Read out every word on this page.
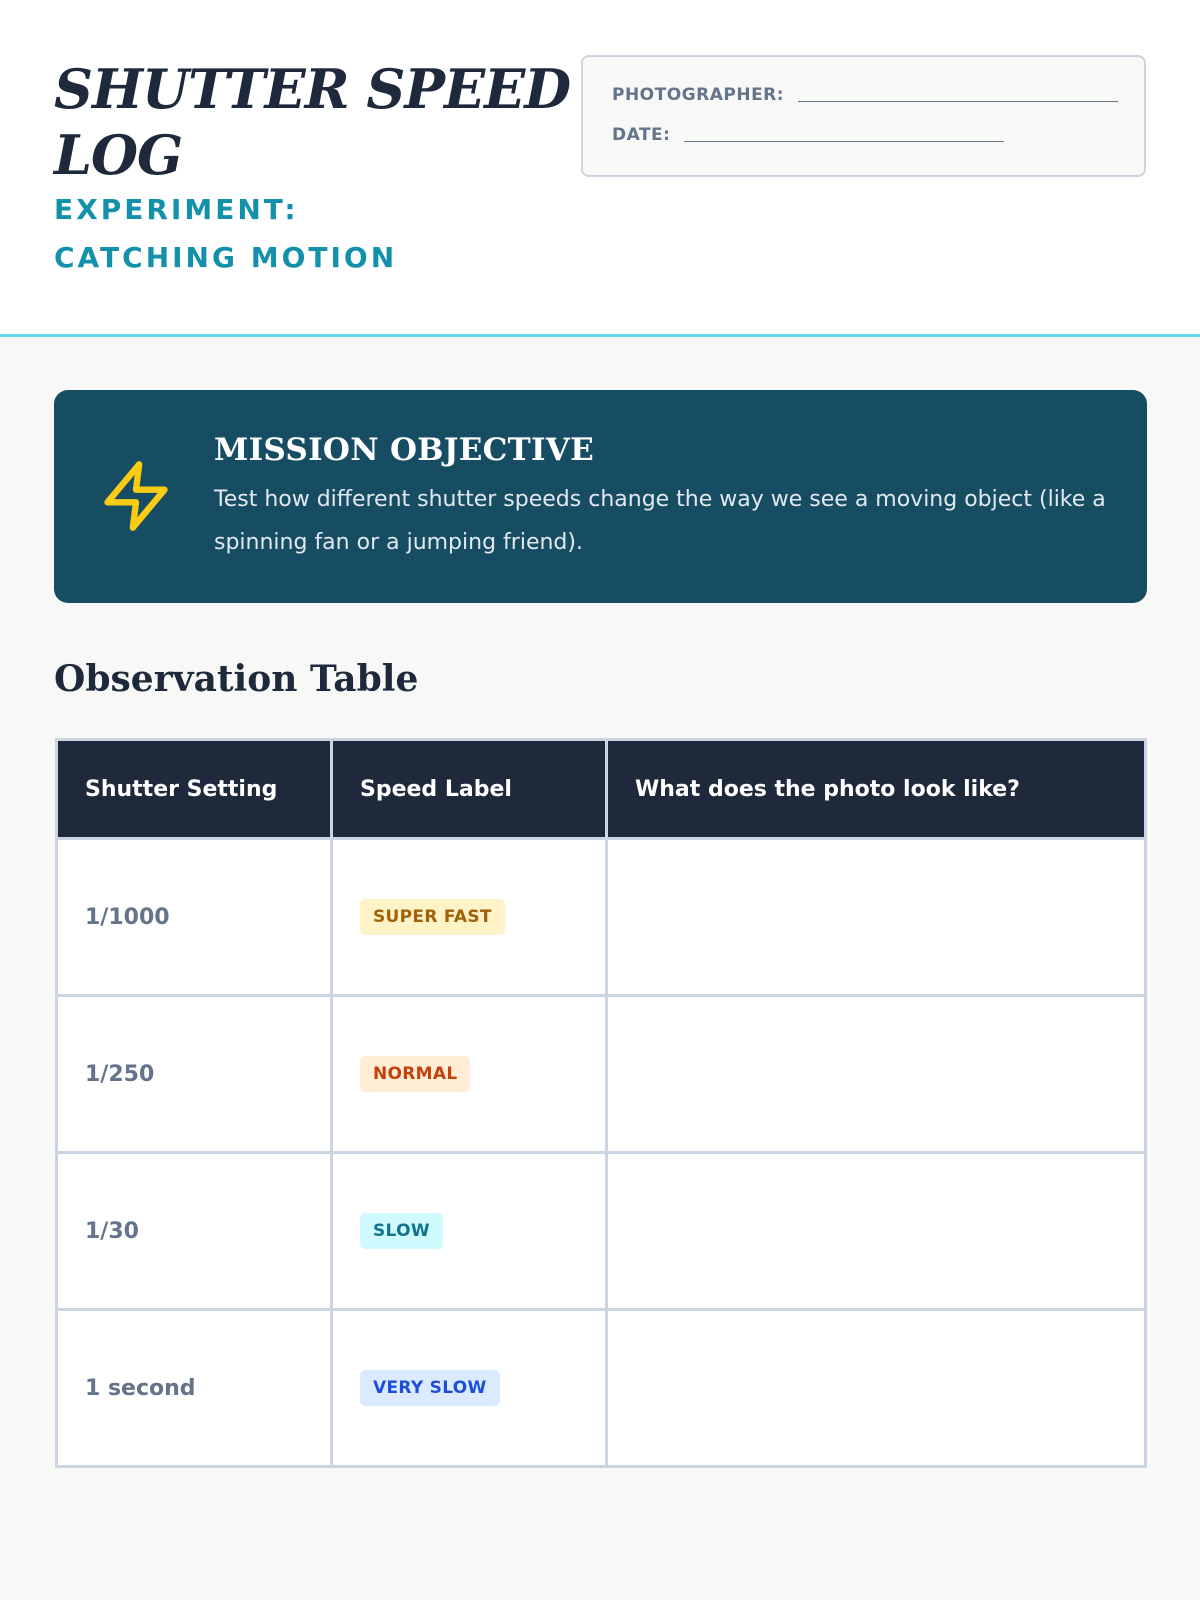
SHUTTER SPEED LOG
EXPERIMENT: CATCHING MOTION
PHOTOGRAPHER:
DATE:
MISSION OBJECTIVE
Test how different shutter speeds change the way we see a moving object (like a spinning fan or a jumping friend).
Observation Table
Shutter Setting	Speed Label	What does the photo look like?
1/1000	SUPER FAST	
1/250	NORMAL	
1/30	SLOW	
1 second	VERY SLOW	
